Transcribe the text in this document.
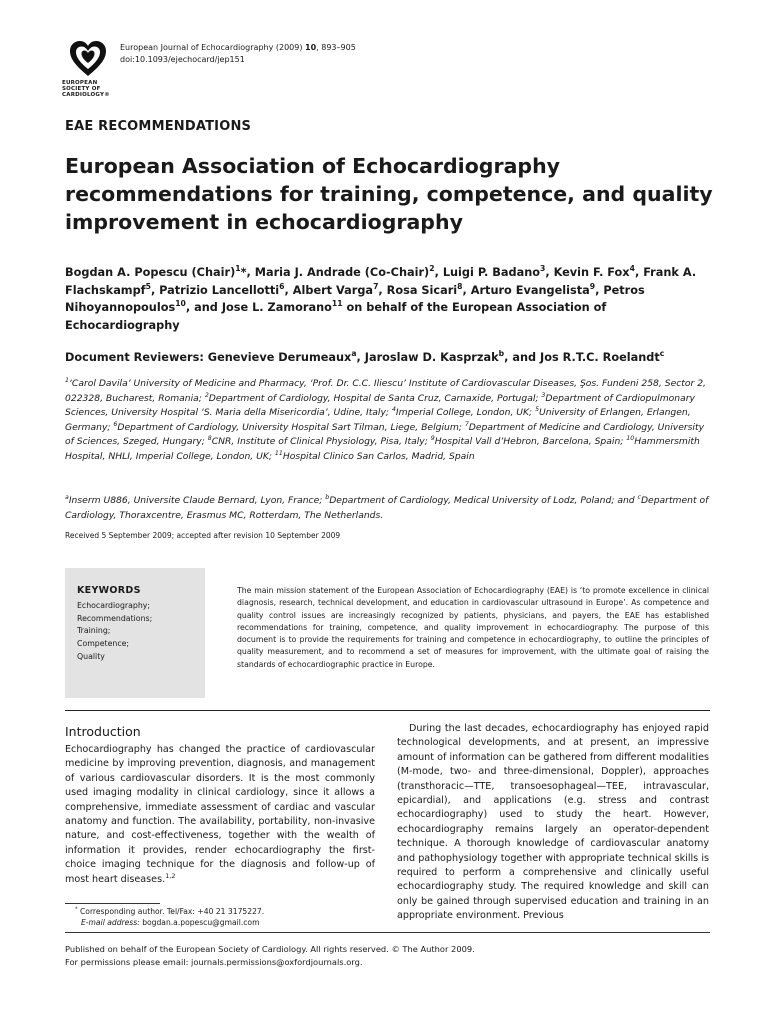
EUROPEAN
SOCIETY OF
CARDIOLOGY®
European Journal of Echocardiography (2009) 10, 893–905
doi:10.1093/ejechocard/jep151
EAE RECOMMENDATIONS
European Association of Echocardiography recommendations for training, competence, and quality improvement in echocardiography
Bogdan A. Popescu (Chair)$^1$*, Maria J. Andrade (Co-Chair)$^2$, Luigi P. Badano$^3$, Kevin F. Fox$^4$, Frank A. Flachskampf$^5$, Patrizio Lancellotti$^6$, Albert Varga$^7$, Rosa Sicari$^8$, Arturo Evangelista$^9$, Petros Nihoyannopoulos$^{10}$, and Jose L. Zamorano$^{11}$ on behalf of the European Association of Echocardiography
Document Reviewers: Genevieve Derumeaux$^a$, Jaroslaw D. Kasprzak$^b$, and Jos R.T.C. Roelandt$^c$
$^1$‘Carol Davila’ University of Medicine and Pharmacy, ‘Prof. Dr. C.C. Iliescu’ Institute of Cardiovascular Diseases, Şos. Fundeni 258, Sector 2, 022328, Bucharest, Romania; $^2$Department of Cardiology, Hospital de Santa Cruz, Carnaxide, Portugal; $^3$Department of Cardiopulmonary Sciences, University Hospital ‘S. Maria della Misericordia’, Udine, Italy; $^4$Imperial College, London, UK; $^5$University of Erlangen, Erlangen, Germany; $^6$Department of Cardiology, University Hospital Sart Tilman, Liege, Belgium; $^7$Department of Medicine and Cardiology, University of Sciences, Szeged, Hungary; $^8$CNR, Institute of Clinical Physiology, Pisa, Italy; $^9$Hospital Vall d’Hebron, Barcelona, Spain; $^{10}$Hammersmith Hospital, NHLI, Imperial College, London, UK; $^{11}$Hospital Clinico San Carlos, Madrid, Spain
$^a$Inserm U886, Universite Claude Bernard, Lyon, France; $^b$Department of Cardiology, Medical University of Lodz, Poland; and $^c$Department of Cardiology, Thoraxcentre, Erasmus MC, Rotterdam, The Netherlands.
Received 5 September 2009; accepted after revision 10 September 2009
KEYWORDS
Echocardiography;
Recommendations;
Training;
Competence;
Quality
The main mission statement of the European Association of Echocardiography (EAE) is ‘to promote excellence in clinical diagnosis, research, technical development, and education in cardiovascular ultrasound in Europe’. As competence and quality control issues are increasingly recognized by patients, physicians, and payers, the EAE has established recommendations for training, competence, and quality improvement in echocardiography. The purpose of this document is to provide the requirements for training and competence in echocardiography, to outline the principles of quality measurement, and to recommend a set of measures for improvement, with the ultimate goal of raising the standards of echocardiographic practice in Europe.
Introduction
Echocardiography has changed the practice of cardiovascular medicine by improving prevention, diagnosis, and management of various cardiovascular disorders. It is the most commonly used imaging modality in clinical cardiology, since it allows a comprehensive, immediate assessment of cardiac and vascular anatomy and function. The availability, portability, non-invasive nature, and cost-effectiveness, together with the wealth of information it provides, render echocardiography the first-choice imaging technique for the diagnosis and follow-up of most heart diseases.$^{1,2}$
During the last decades, echocardiography has enjoyed rapid technological developments, and at present, an impressive amount of information can be gathered from different modalities (M-mode, two- and three-dimensional, Doppler), approaches (transthoracic—TTE, transoesophageal—TEE, intravascular, epicardial), and applications (e.g. stress and contrast echocardiography) used to study the heart. However, echocardiography remains largely an operator-dependent technique. A thorough knowledge of cardiovascular anatomy and pathophysiology together with appropriate technical skills is required to perform a comprehensive and clinically useful echocardiography study. The required knowledge and skill can only be gained through supervised education and training in an appropriate environment. Previous
* Corresponding author. Tel/Fax: +40 21 3175227.
E-mail address: bogdan.a.popescu@gmail.com
Published on behalf of the European Society of Cardiology. All rights reserved. © The Author 2009.
For permissions please email: journals.permissions@oxfordjournals.org.
